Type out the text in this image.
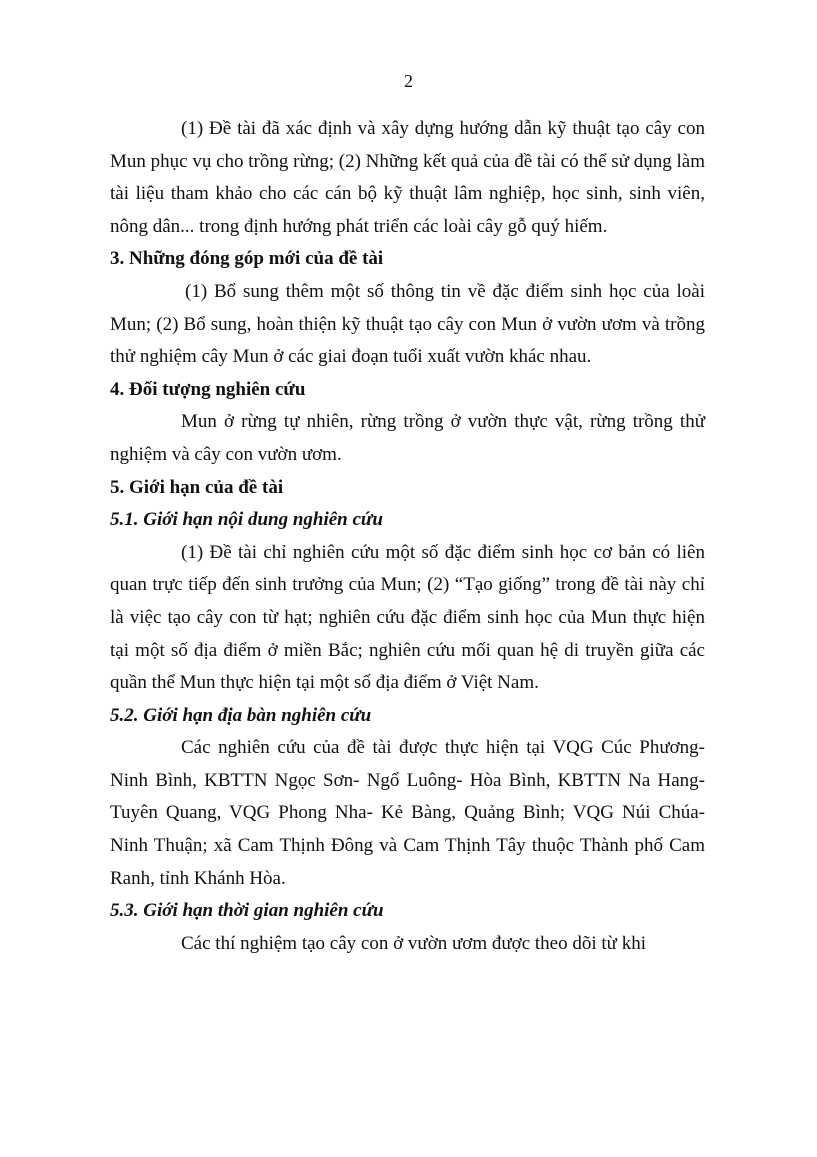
2

(1) Đề tài đã xác định và xây dựng hướng dẫn kỹ thuật tạo cây con Mun phục vụ cho trồng rừng; (2) Những kết quả của đề tài có thể sử dụng làm tài liệu tham khảo cho các cán bộ kỹ thuật lâm nghiệp, học sinh, sinh viên, nông dân... trong định hướng phát triển các loài cây gỗ quý hiếm.

3. Những đóng góp mới của đề tài

(1) Bổ sung thêm một số thông tin về đặc điểm sinh học của loài Mun; (2) Bổ sung, hoàn thiện kỹ thuật tạo cây con Mun ở vườn ươm và trồng thử nghiệm cây Mun ở các giai đoạn tuổi xuất vườn khác nhau.

4. Đối tượng nghiên cứu

Mun ở rừng tự nhiên, rừng trồng ở vườn thực vật, rừng trồng thử nghiệm và cây con vườn ươm.

5. Giới hạn của đề tài
5.1. Giới hạn nội dung nghiên cứu

(1) Đề tài chỉ nghiên cứu một số đặc điểm sinh học cơ bản có liên quan trực tiếp đến sinh trưởng của Mun; (2) “Tạo giống” trong đề tài này chỉ là việc tạo cây con từ hạt; nghiên cứu đặc điểm sinh học của Mun thực hiện tại một số địa điểm ở miền Bắc; nghiên cứu mối quan hệ di truyền giữa các quần thể Mun thực hiện tại một số địa điểm ở Việt Nam.

5.2. Giới hạn địa bàn nghiên cứu

Các nghiên cứu của đề tài được thực hiện tại VQG Cúc Phương- Ninh Bình, KBTTN Ngọc Sơn- Ngổ Luông- Hòa Bình, KBTTN Na Hang- Tuyên Quang, VQG Phong Nha- Kẻ Bàng, Quảng Bình; VQG Núi Chúa- Ninh Thuận; xã Cam Thịnh Đông và Cam Thịnh Tây thuộc Thành phố Cam Ranh, tỉnh Khánh Hòa.

5.3. Giới hạn thời gian nghiên cứu

Các thí nghiệm tạo cây con ở vườn ươm được theo dõi từ khi
